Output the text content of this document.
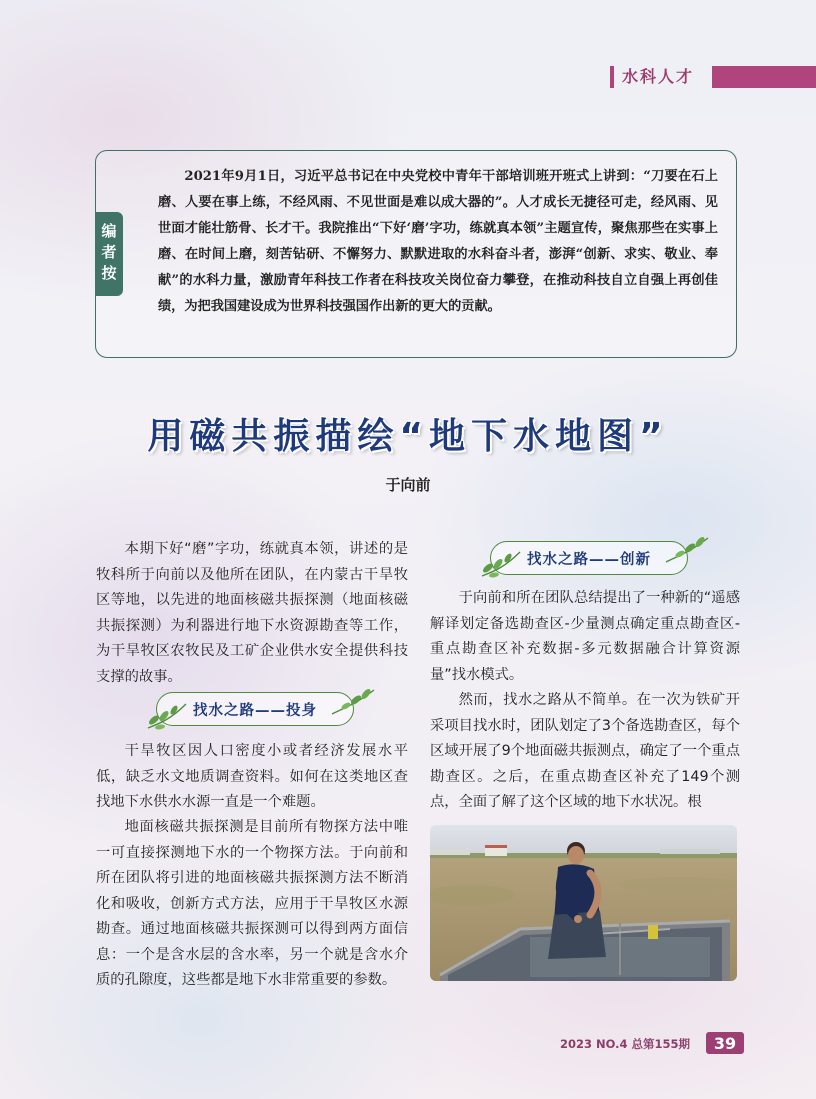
水科人才
编者按
2021年9月1日，习近平总书记在中央党校中青年干部培训班开班式上讲到：“刀要在石上磨、人要在事上练，不经风雨、不见世面是难以成大器的”。人才成长无捷径可走，经风雨、见世面才能壮筋骨、长才干。我院推出“下好‘磨’字功，练就真本领”主题宣传，聚焦那些在实事上磨、在时间上磨，刻苦钻研、不懈努力、默默进取的水科奋斗者，澎湃“创新、求实、敬业、奉献”的水科力量，激励青年科技工作者在科技攻关岗位奋力攀登，在推动科技自立自强上再创佳绩，为把我国建设成为世界科技强国作出新的更大的贡献。
用磁共振描绘“地下水地图”
于向前
本期下好“磨”字功，练就真本领，讲述的是牧科所于向前以及他所在团队，在内蒙古干旱牧区等地，以先进的地面核磁共振探测（地面核磁共振探测）为利器进行地下水资源勘查等工作，为干旱牧区农牧民及工矿企业供水安全提供科技支撑的故事。
找水之路——投身
干旱牧区因人口密度小或者经济发展水平低，缺乏水文地质调查资料。如何在这类地区查找地下水供水水源一直是一个难题。
地面核磁共振探测是目前所有物探方法中唯一可直接探测地下水的一个物探方法。于向前和所在团队将引进的地面核磁共振探测方法不断消化和吸收，创新方式方法，应用于干旱牧区水源勘查。通过地面核磁共振探测可以得到两方面信息：一个是含水层的含水率，另一个就是含水介质的孔隙度，这些都是地下水非常重要的参数。
找水之路——创新
于向前和所在团队总结提出了一种新的“遥感解译划定备选勘查区-少量测点确定重点勘查区-重点勘查区补充数据-多元数据融合计算资源量”找水模式。
然而，找水之路从不简单。在一次为铁矿开采项目找水时，团队划定了3个备选勘查区，每个区域开展了9个地面磁共振测点，确定了一个重点勘查区。之后，在重点勘查区补充了149个测点，全面了解了这个区域的地下水状况。根
2023 NO.4 总第155期	39
